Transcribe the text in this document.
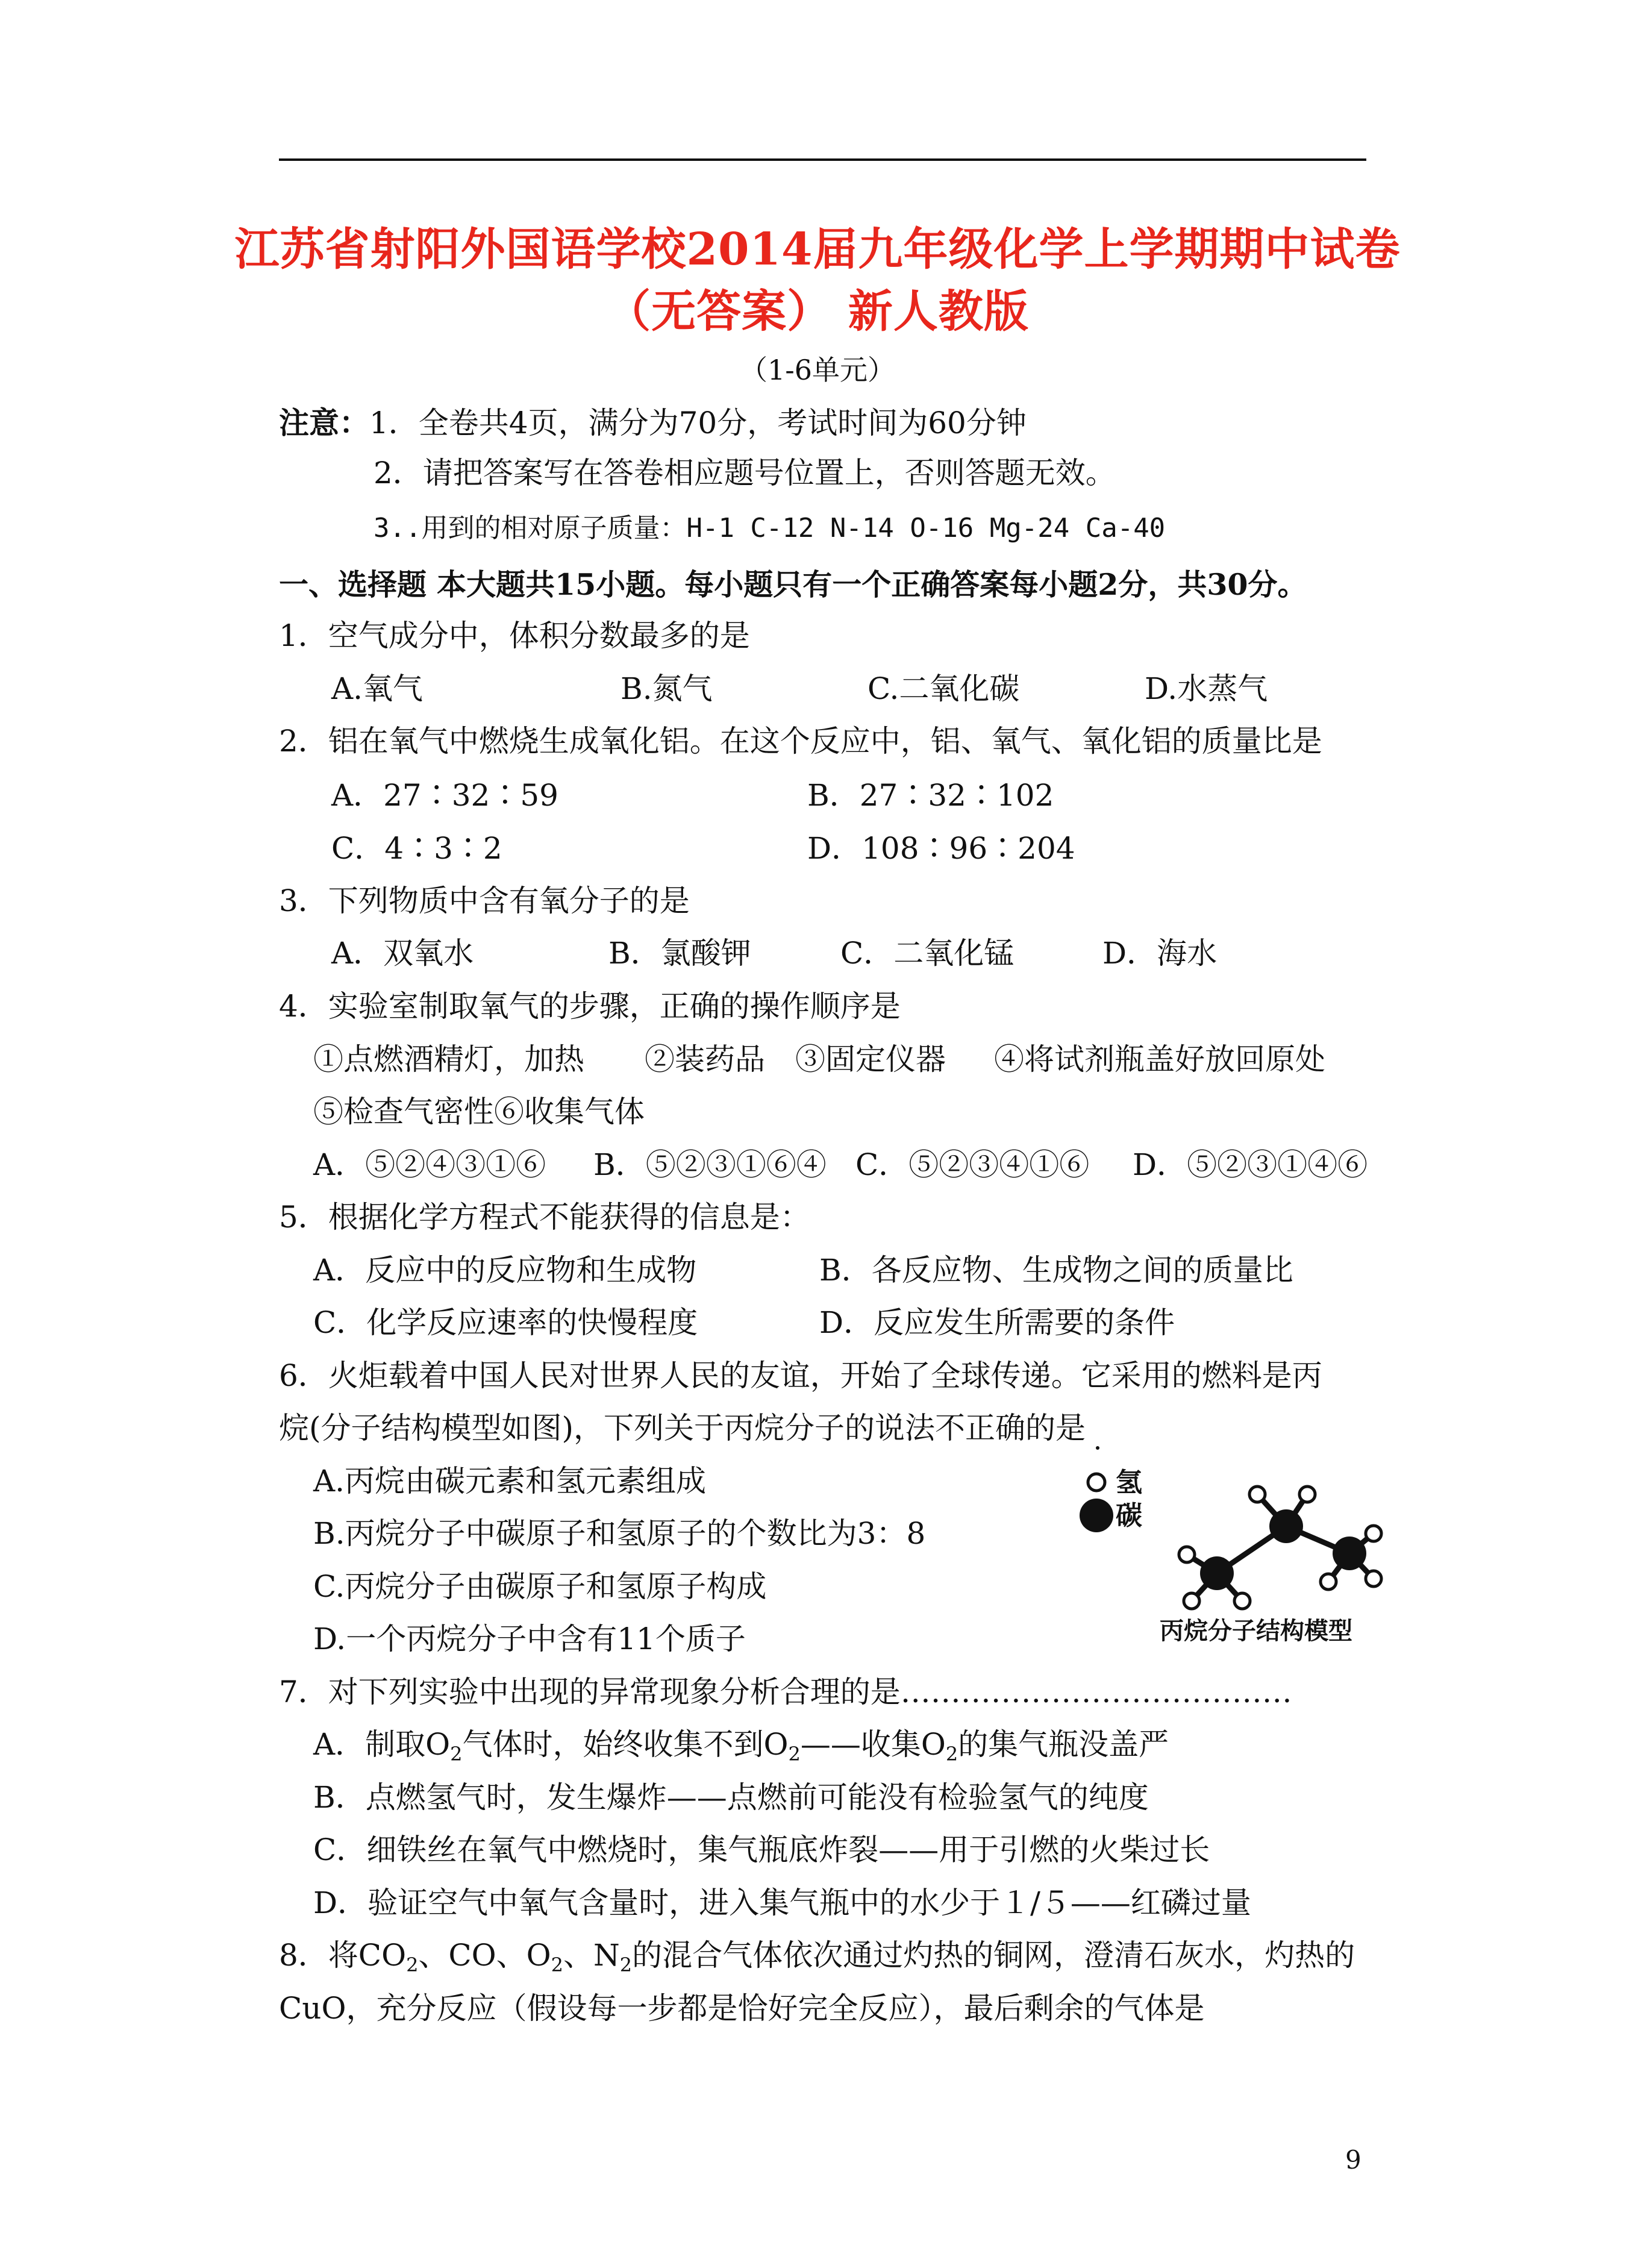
江苏省射阳外国语学校2014届九年级化学上学期期中试卷
（无答案） 新人教版
（1-6单元）
注意：1．全卷共4页，满分为70分，考试时间为60分钟
2．请把答案写在答卷相应题号位置上，否则答题无效。
3..用到的相对原子质量：H-1 C-12 N-14 O-16 Mg-24 Ca-40
一、选择题 本大题共15小题。每小题只有一个正确答案每小题2分，共30分。
1．空气成分中，体积分数最多的是
A.氧气	B.氮气	C.二氧化碳	D.水蒸气
2．铝在氧气中燃烧生成氧化铝。在这个反应中，铝、氧气、氧化铝的质量比是
A．27∶32∶59	B．27∶32∶102
C．4∶3∶2	D．108∶96∶204
3．下列物质中含有氧分子的是
A．双氧水	B．氯酸钾	C．二氧化锰	D．海水
4．实验室制取氧气的步骤，正确的操作顺序是
①点燃酒精灯，加热 ②装药品 ③固定仪器 ④将试剂瓶盖好放回原处
⑤检查气密性⑥收集气体
A．⑤②④③①⑥ B．⑤②③①⑥④ C．⑤②③④①⑥ D．⑤②③①④⑥
5．根据化学方程式不能获得的信息是：
A．反应中的反应物和生成物	B．各反应物、生成物之间的质量比
C．化学反应速率的快慢程度	D．反应发生所需要的条件
6．火炬载着中国人民对世界人民的友谊，开始了全球传递。它采用的燃料是丙
烷(分子结构模型如图)，下列关于丙烷分子的说法不正确的是
A.丙烷由碳元素和氢元素组成
B.丙烷分子中碳原子和氢原子的个数比为3：8
C.丙烷分子由碳原子和氢原子构成
D.一个丙烷分子中含有11个质子
氢
碳
丙烷分子结构模型
7．对下列实验中出现的异常现象分析合理的是…………………………………
A．制取$O_2$气体时，始终收集不到$O_2——$收集$O_2$的集气瓶没盖严
B．点燃氢气时，发生爆炸——点燃前可能没有检验氢气的纯度
C．细铁丝在氧气中燃烧时，集气瓶底炸裂——用于引燃的火柴过长
D．验证空气中氧气含量时，进入集气瓶中的水少于１/５——红磷过量
8．将$CO_2$、CO、$O_2$、$N_2$的混合气体依次通过灼热的铜网，澄清石灰水，灼热的
CuO，充分反应（假设每一步都是恰好完全反应），最后剩余的气体是
9
